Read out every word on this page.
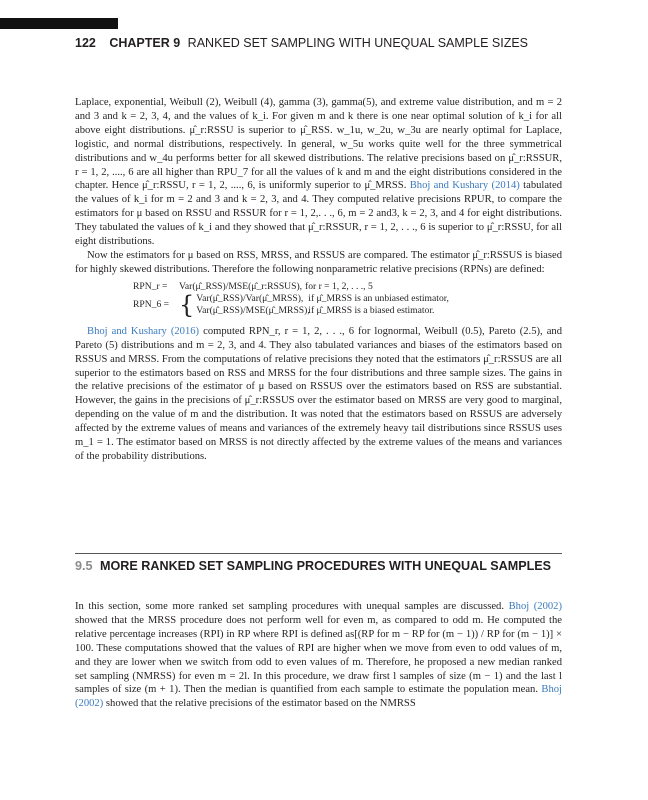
122 CHAPTER 9 RANKED SET SAMPLING WITH UNEQUAL SAMPLE SIZES

Laplace, exponential, Weibull (2), Weibull (4), gamma (3), gamma(5), and extreme value distribution, and m = 2 and 3 and k = 2, 3, 4, and the values of k_i. For given m and k there is one near optimal solution of k_i for all above eight distributions. μ̂_r:RSSU is superior to μ̂_RSS. w_1u, w_2u, w_3u are nearly optimal for Laplace, logistic, and normal distributions, respectively. In general, w_5u works quite well for the three symmetrical distributions and w_4u performs better for all skewed distributions. The relative precisions based on μ̂_r:RSSUR, r = 1, 2, ...., 6 are all higher than RPU_7 for all the values of k and m and the eight distributions considered in the chapter. Hence μ̂_r:RSSU, r = 1, 2, ...., 6, is uniformly superior to μ̂_MRSS. Bhoj and Kushary (2014) tabulated the values of k_i for m = 2 and 3 and k = 2, 3, and 4. They computed relative precisions RPUR, to compare the estimators for μ based on RSSU and RSSUR for r = 1, 2,. . ., 6, m = 2 and3, k = 2, 3, and 4 for eight distributions. They tabulated the values of k_i and they showed that μ̂_r:RSSUR, r = 1, 2, . . ., 6 is superior to μ̂_r:RSSU, for all eight distributions.

Now the estimators for μ based on RSS, MRSS, and RSSUS are compared. The estimator μ̂_r:RSSUS is biased for highly skewed distributions. Therefore the following nonparametric relative precisions (RPNs) are defined:

RPN_r =	Var(μ̂_RSS)/MSE(μ̂_r:RSSUS), for r = 1, 2, . . ., 5
RPN_6 = { Var(μ̂_RSS)/Var(μ̂_MRSS), if μ̂_MRSS is an unbiased estimator,
Var(μ̂_RSS)/MSE(μ̂_MRSS),
if μ̂_MRSS is a biased estimator.

Bhoj and Kushary (2016) computed RPN_r, r = 1, 2, . . ., 6 for lognormal, Weibull (0.5), Pareto (2.5), and Pareto (5) distributions and m = 2, 3, and 4. They also tabulated variances and biases of the estimators based on RSSUS and MRSS. From the computations of relative precisions they noted that the estimators μ̂_r:RSSUS are all superior to the estimators based on RSS and MRSS for the four distributions and three sample sizes. The gains in the relative precisions of the estimator of μ based on RSSUS over the estimators based on RSS are substantial. However, the gains in the precisions of μ̂_r:RSSUS over the estimator based on MRSS are very good to marginal, depending on the value of m and the distribution. It was noted that the estimators based on RSSUS are adversely affected by the extreme values of means and variances of the extremely heavy tail distributions since RSSUS uses m_1 = 1. The estimator based on MRSS is not directly affected by the extreme values of the means and variances of the probability distributions.

9.5 MORE RANKED SET SAMPLING PROCEDURES WITH UNEQUAL SAMPLES

In this section, some more ranked set sampling procedures with unequal samples are discussed. Bhoj (2002) showed that the MRSS procedure does not perform well for even m, as compared to odd m. He computed the relative percentage increases (RPI) in RP where RPI is defined as[(RP for m − RP for (m − 1)) / RP for (m − 1)] × 100. These computations showed that the values of RPI are higher when we move from even to odd values of m, and they are lower when we switch from odd to even values of m. Therefore, he proposed a new median ranked set sampling (NMRSS) for even m = 2l. In this procedure, we draw first l samples of size (m − 1) and the last l samples of size (m + 1). Then the median is quantified from each sample to estimate the population mean. Bhoj (2002) showed that the relative precisions of the estimator based on the NMRSS
